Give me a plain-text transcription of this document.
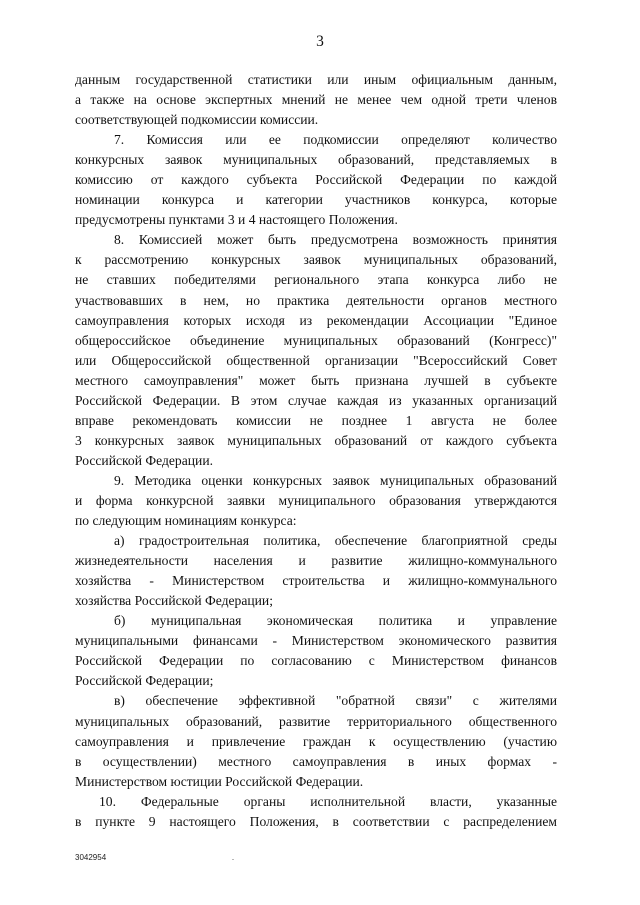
3
данным государственной статистики или иным официальным данным,
а также на основе экспертных мнений не менее чем одной трети членов
соответствующей подкомиссии комиссии.
7. Комиссия или ее подкомиссии определяют количество
конкурсных заявок муниципальных образований, представляемых в
комиссию от каждого субъекта Российской Федерации по каждой
номинации конкурса и категории участников конкурса, которые
предусмотрены пунктами 3 и 4 настоящего Положения.
8. Комиссией может быть предусмотрена возможность принятия
к рассмотрению конкурсных заявок муниципальных образований,
не ставших победителями регионального этапа конкурса либо не
участвовавших в нем, но практика деятельности органов местного
самоуправления которых исходя из рекомендации Ассоциации "Единое
общероссийское объединение муниципальных образований (Конгресс)"
или Общероссийской общественной организации "Всероссийский Совет
местного самоуправления" может быть признана лучшей в субъекте
Российской Федерации. В этом случае каждая из указанных организаций
вправе рекомендовать комиссии не позднее 1 августа не более
3 конкурсных заявок муниципальных образований от каждого субъекта
Российской Федерации.
9. Методика оценки конкурсных заявок муниципальных образований
и форма конкурсной заявки муниципального образования утверждаются
по следующим номинациям конкурса:
а) градостроительная политика, обеспечение благоприятной среды
жизнедеятельности населения и развитие жилищно-коммунального
хозяйства - Министерством строительства и жилищно-коммунального
хозяйства Российской Федерации;
б) муниципальная экономическая политика и управление
муниципальными финансами - Министерством экономического развития
Российской Федерации по согласованию с Министерством финансов
Российской Федерации;
в) обеспечение эффективной "обратной связи" с жителями
муниципальных образований, развитие территориального общественного
самоуправления и привлечение граждан к осуществлению (участию
в осуществлении) местного самоуправления в иных формах -
Министерством юстиции Российской Федерации.
10. Федеральные органы исполнительной власти, указанные
в пункте 9 настоящего Положения, в соответствии с распределением
3042954	.
